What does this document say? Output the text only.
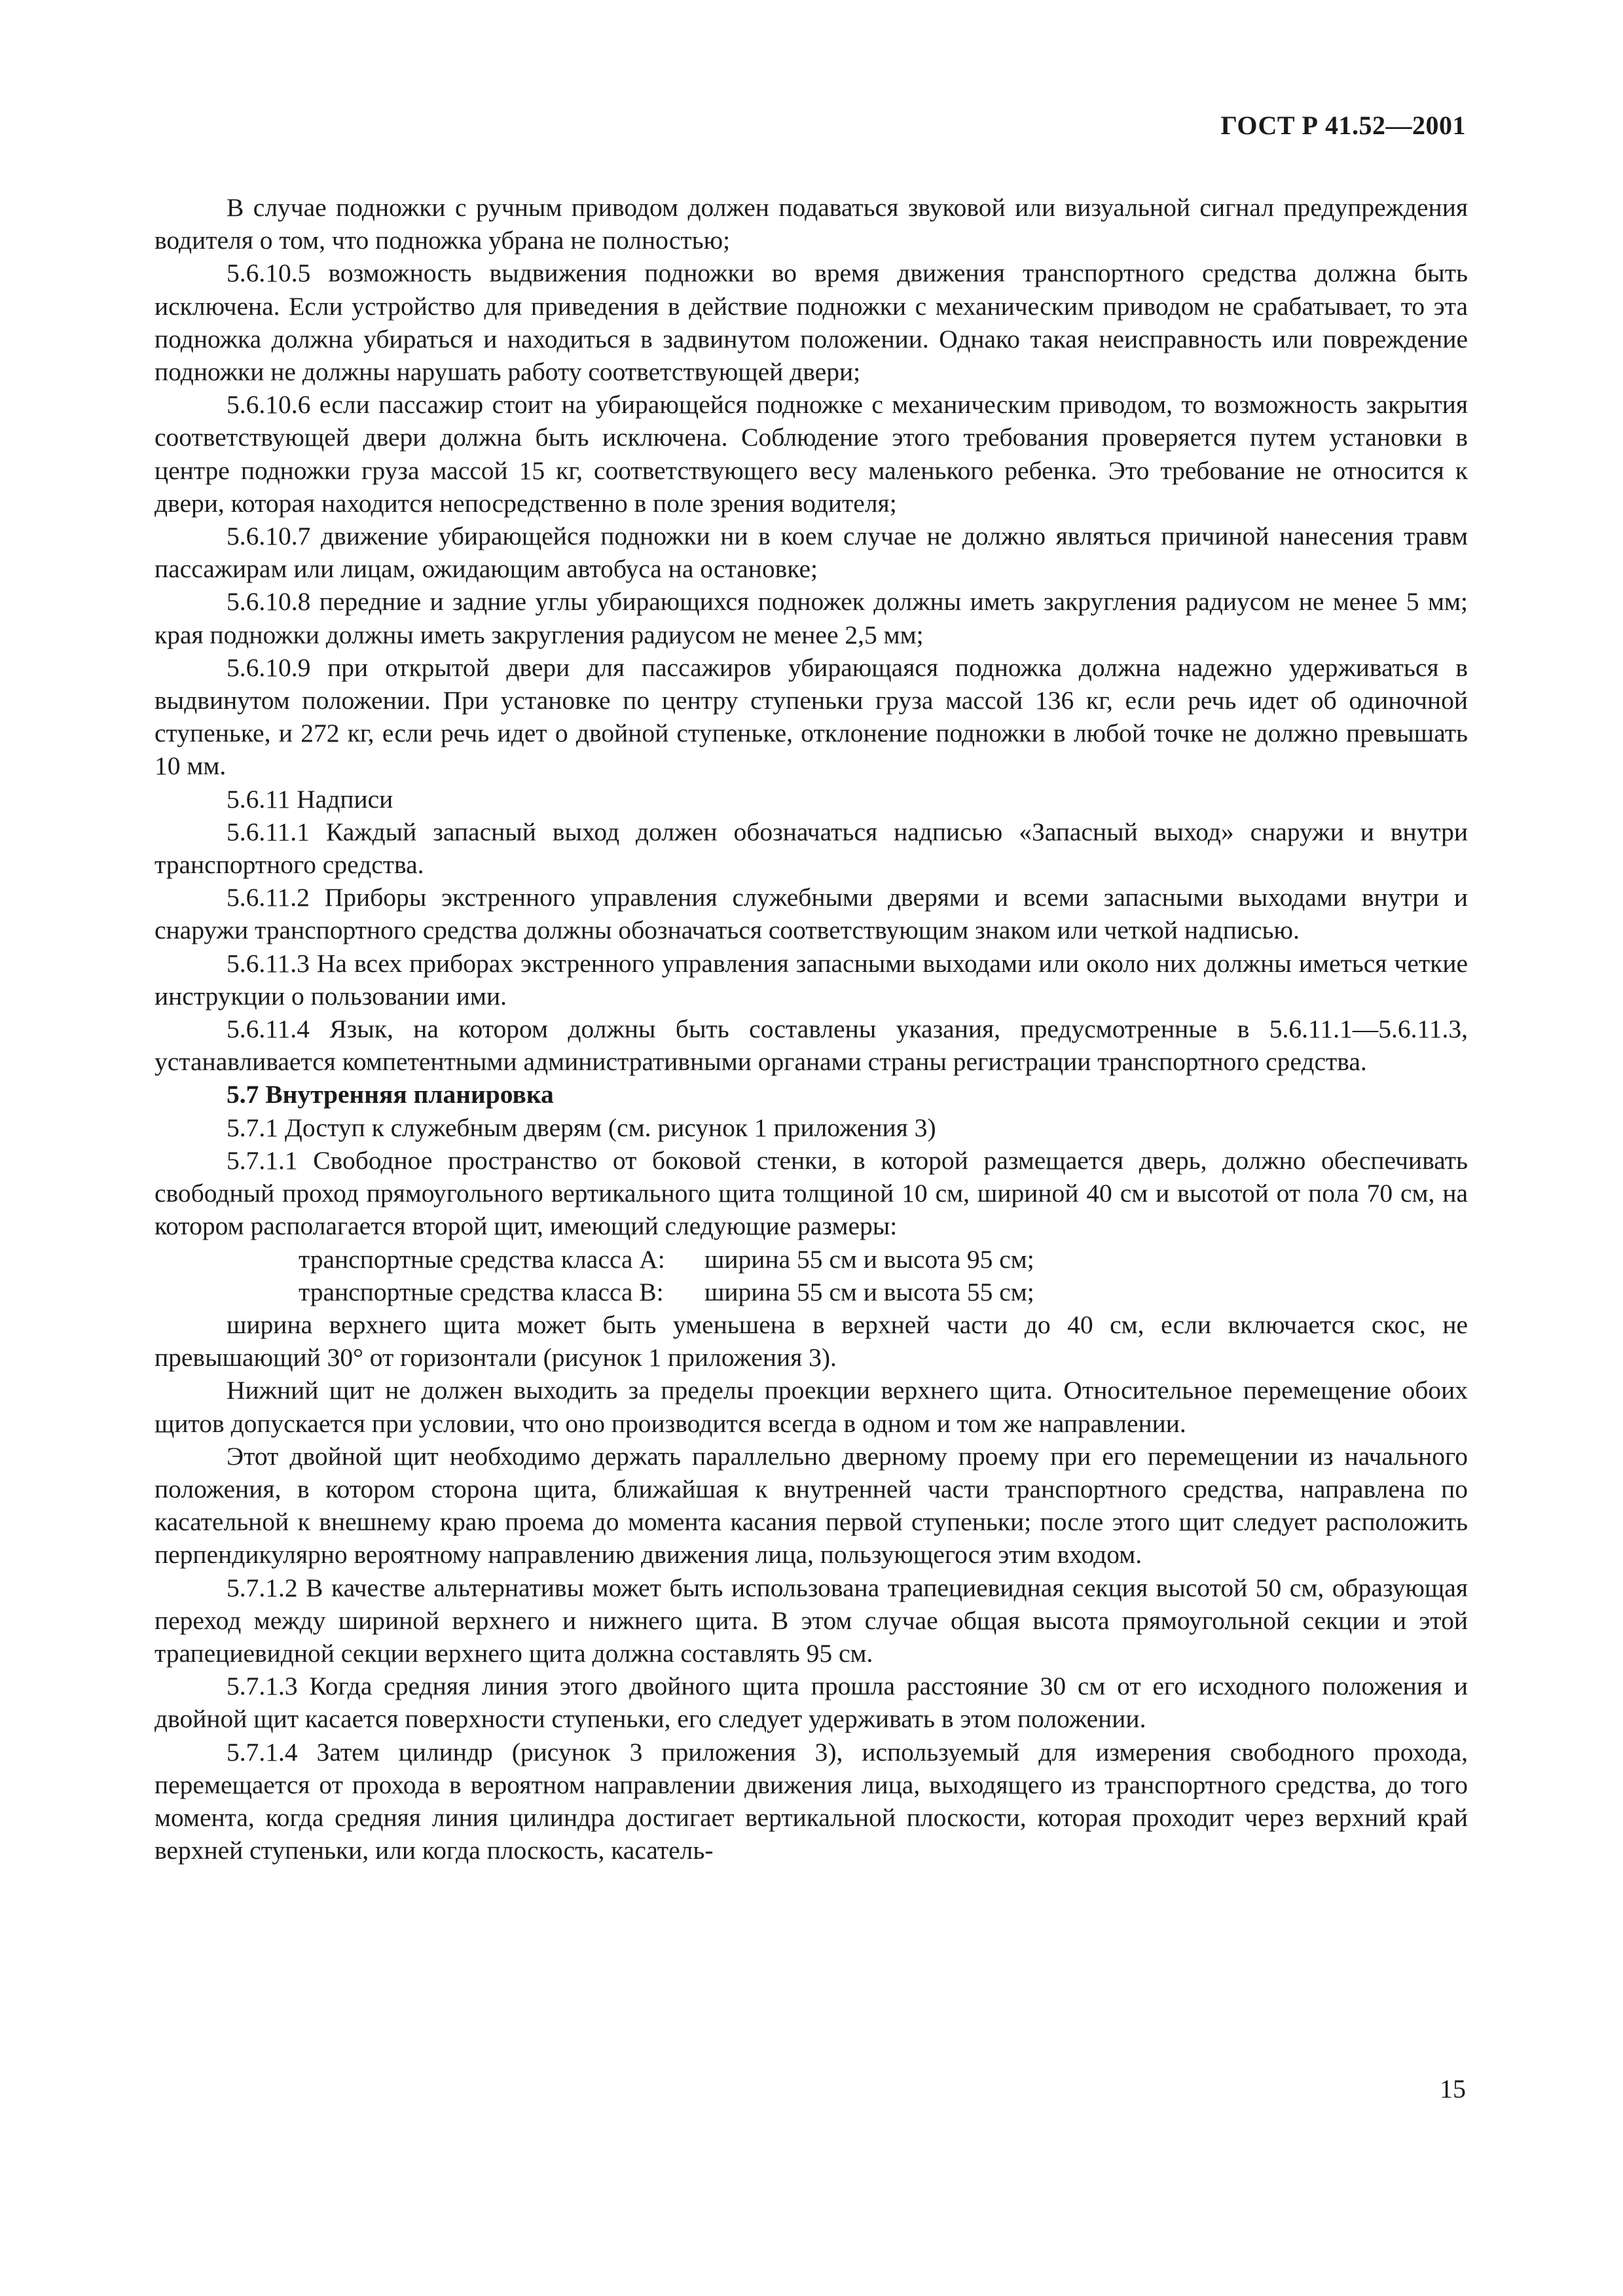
ГОСТ Р 41.52—2001

В случае подножки с ручным приводом должен подаваться звуковой или визуальной сигнал предупреждения водителя о том, что подножка убрана не полностью;

5.6.10.5 возможность выдвижения подножки во время движения транспортного средства должна быть исключена. Если устройство для приведения в действие подножки с механическим приводом не срабатывает, то эта подножка должна убираться и находиться в задвинутом положении. Однако такая неисправность или повреждение подножки не должны нарушать работу соответствующей двери;

5.6.10.6 если пассажир стоит на убирающейся подножке с механическим приводом, то возможность закрытия соответствующей двери должна быть исключена. Соблюдение этого требования проверяется путем установки в центре подножки груза массой 15 кг, соответствующего весу маленького ребенка. Это требование не относится к двери, которая находится непосредственно в поле зрения водителя;

5.6.10.7 движение убирающейся подножки ни в коем случае не должно являться причиной нанесения травм пассажирам или лицам, ожидающим автобуса на остановке;

5.6.10.8 передние и задние углы убирающихся подножек должны иметь закругления радиусом не менее 5 мм; края подножки должны иметь закругления радиусом не менее 2,5 мм;

5.6.10.9 при открытой двери для пассажиров убирающаяся подножка должна надежно удерживаться в выдвинутом положении. При установке по центру ступеньки груза массой 136 кг, если речь идет об одиночной ступеньке, и 272 кг, если речь идет о двойной ступеньке, отклонение подножки в любой точке не должно превышать 10 мм.

5.6.11 Надписи

5.6.11.1 Каждый запасный выход должен обозначаться надписью «Запасный выход» снаружи и внутри транспортного средства.

5.6.11.2 Приборы экстренного управления служебными дверями и всеми запасными выходами внутри и снаружи транспортного средства должны обозначаться соответствующим знаком или четкой надписью.

5.6.11.3 На всех приборах экстренного управления запасными выходами или около них должны иметься четкие инструкции о пользовании ими.

5.6.11.4 Язык, на котором должны быть составлены указания, предусмотренные в 5.6.11.1—5.6.11.3, устанавливается компетентными административными органами страны регистрации транспортного средства.

5.7 Внутренняя планировка

5.7.1 Доступ к служебным дверям (см. рисунок 1 приложения 3)

5.7.1.1 Свободное пространство от боковой стенки, в которой размещается дверь, должно обеспечивать свободный проход прямоугольного вертикального щита толщиной 10 см, шириной 40 см и высотой от пола 70 см, на котором располагается второй щит, имеющий следующие размеры:

транспортные средства класса А: ширина 55 см и высота 95 см;

транспортные средства класса В: ширина 55 см и высота 55 см;

ширина верхнего щита может быть уменьшена в верхней части до 40 см, если включается скос, не превышающий 30° от горизонтали (рисунок 1 приложения 3).

Нижний щит не должен выходить за пределы проекции верхнего щита. Относительное перемещение обоих щитов допускается при условии, что оно производится всегда в одном и том же направлении.

Этот двойной щит необходимо держать параллельно дверному проему при его перемещении из начального положения, в котором сторона щита, ближайшая к внутренней части транспортного средства, направлена по касательной к внешнему краю проема до момента касания первой ступеньки; после этого щит следует расположить перпендикулярно вероятному направлению движения лица, пользующегося этим входом.

5.7.1.2 В качестве альтернативы может быть использована трапециевидная секция высотой 50 см, образующая переход между шириной верхнего и нижнего щита. В этом случае общая высота прямоугольной секции и этой трапециевидной секции верхнего щита должна составлять 95 см.

5.7.1.3 Когда средняя линия этого двойного щита прошла расстояние 30 см от его исходного положения и двойной щит касается поверхности ступеньки, его следует удерживать в этом положении.

5.7.1.4 Затем цилиндр (рисунок 3 приложения 3), используемый для измерения свободного прохода, перемещается от прохода в вероятном направлении движения лица, выходящего из транспортного средства, до того момента, когда средняя линия цилиндра достигает вертикальной плоскости, которая проходит через верхний край верхней ступеньки, или когда плоскость, касатель-

15
